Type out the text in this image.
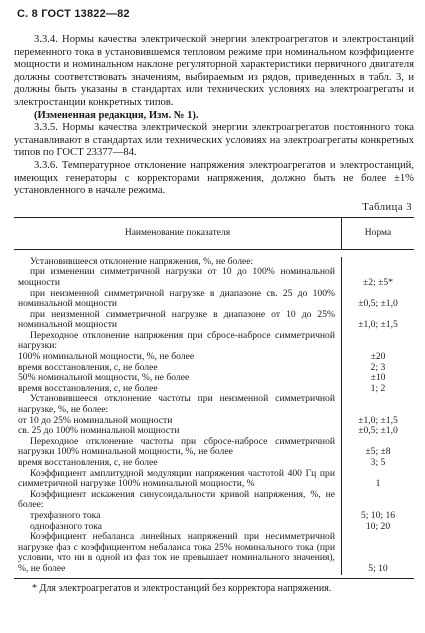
С. 8 ГОСТ 13822—82

3.3.4. Нормы качества электрической энергии электроагрегатов и электростанций переменного тока в установившемся тепловом режиме при номинальном коэффициенте мощности и номинальном наклоне регуляторной характеристики первичного двигателя должны соответствовать значениям, выбираемым из рядов, приведенных в табл. 3, и должны быть указаны в стандартах или технических условиях на электроагрегаты и электростанции конкретных типов.

(Измененная редакция, Изм. № 1).

3.3.5. Нормы качества электрической энергии электроагрегатов постоянного тока устанавливают в стандартах или технических условиях на электроагрегаты конкретных типов по ГОСТ 23377—84.

3.3.6. Температурное отклонение напряжения электроагрегатов и электростанций, имеющих генераторы с корректорами напряжения, должно быть не более ±1% установленного в начале режима.

Таблица 3
Наименование показателя	Норма
Установившееся отклонение напряжения, %, не более:
при изменении симметричной нагрузки от 10 до 100% номинальной мощности	±2; ±5*
при неизменной симметричной нагрузке в диапазоне св. 25 до 100% номинальной мощности	±0,5; ±1,0
при неизменной симметричной нагрузке в диапазоне от 10 до 25% номинальной мощности	±1,0; ±1,5
Переходное отклонение напряжения при сбросе-набросе симметричной нагрузки:
100% номинальной мощности, %, не более	±20
время восстановления, с, не более	2; 3
50% номинальной мощности, %, не более	±10
время восстановления, с, не более	1; 2
Установившееся отклонение частоты при неизменной симметричной нагрузке, %, не более:
от 10 до 25% номинальной мощности	±1,0; ±1,5
св. 25 до 100% номинальной мощности	±0,5; ±1,0
Переходное отклонение частоты при сбросе-набросе симметричной нагрузки 100% номинальной мощности, %, не более	±5; ±8
время восстановления, с, не более	3; 5
Коэффициент амплитудной модуляции напряжения частотой 400 Гц при симметричной нагрузке 100% номинальной мощности, %	1
Коэффициент искажения синусоидальности кривой напряжения, %, не более:
трехфазного тока	5; 10; 16
однофазного тока	10; 20
Коэффициент небаланса линейных напряжений при несимметричной нагрузке фаз с коэффициентом небаланса тока 25% номинального тока (при условии, что ни в одной из фаз ток не превышает номинального значения), %, не более	5; 10
* Для электроагрегатов и электростанций без корректора напряжения.
